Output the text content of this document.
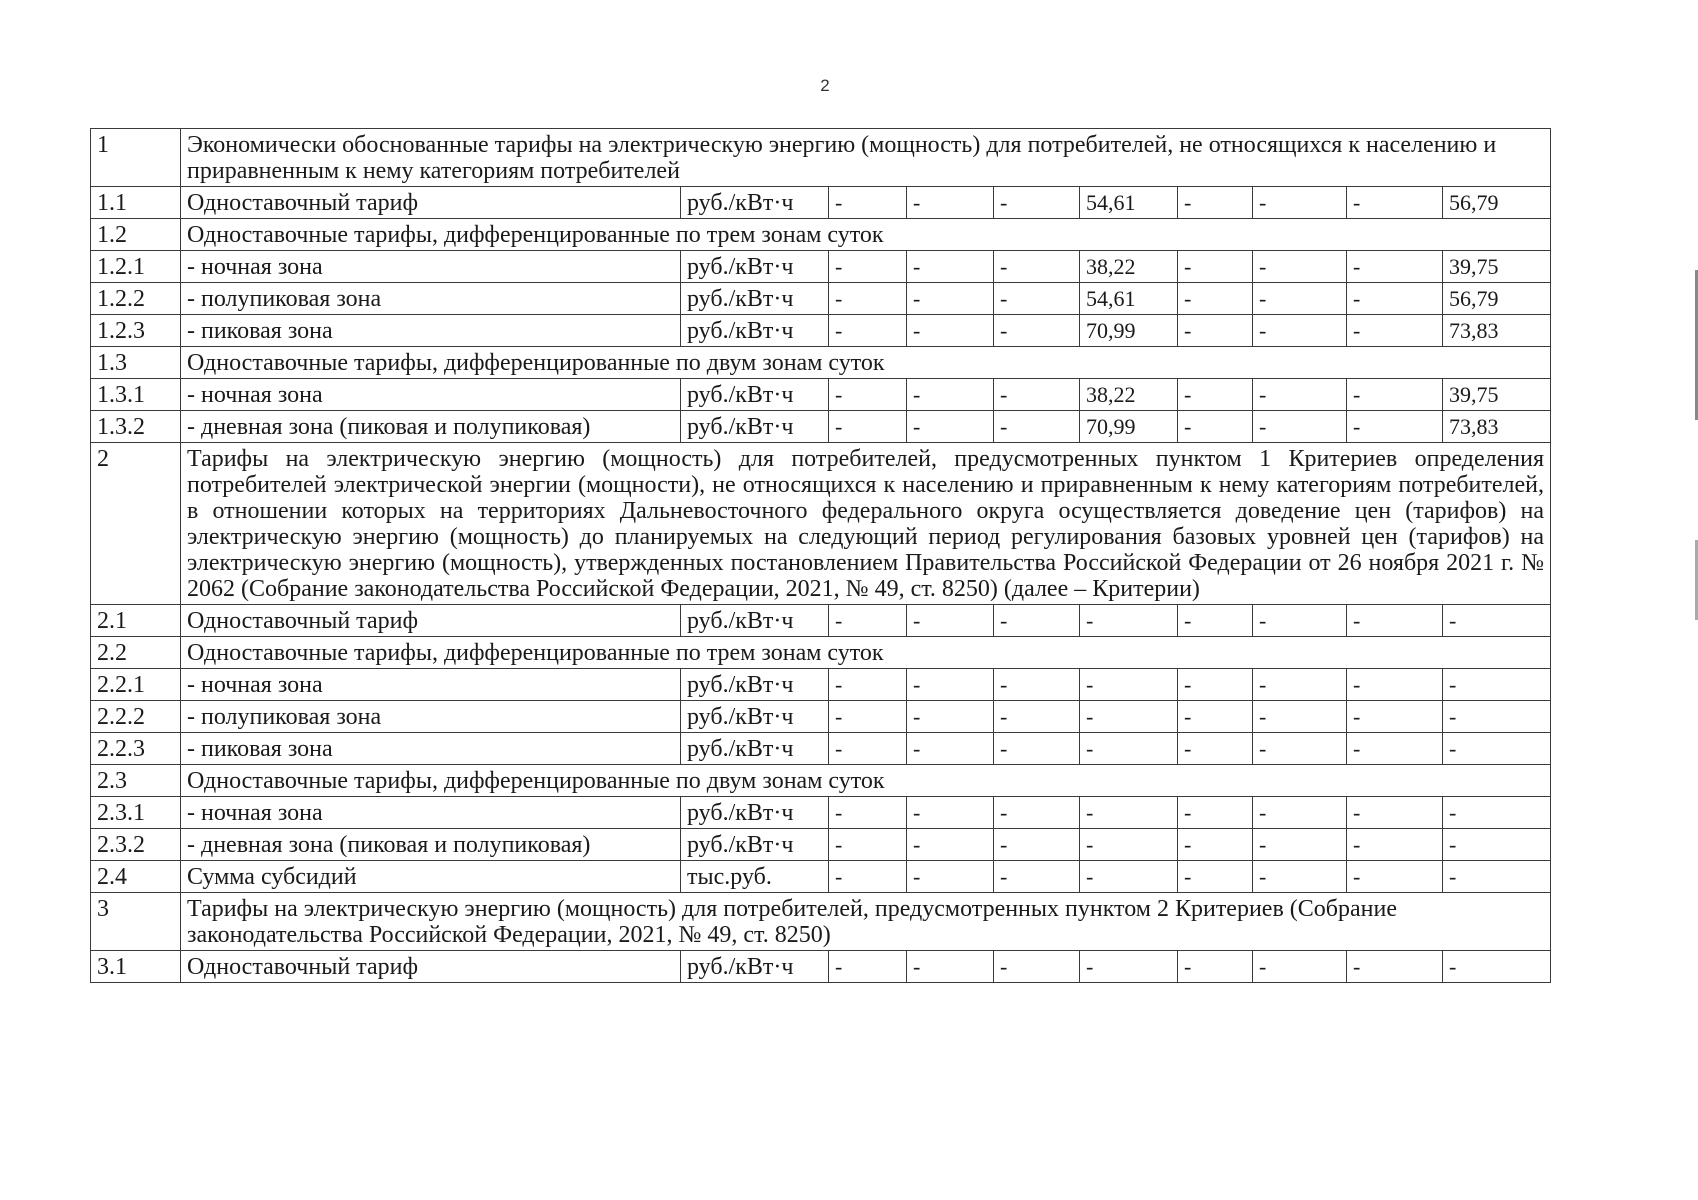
2
1	Экономически обоснованные тарифы на электрическую энергию (мощность) для потребителей, не относящихся к населению и приравненным к нему категориям потребителей									
1.1	Одноставочный тариф	руб./кВт·ч	-	-	-	54,61	-	-	-	56,79
1.2	Одноставочные тарифы, дифференцированные по трем зонам суток									
1.2.1	- ночная зона	руб./кВт·ч	-	-	-	38,22	-	-	-	39,75
1.2.2	- полупиковая зона	руб./кВт·ч	-	-	-	54,61	-	-	-	56,79
1.2.3	- пиковая зона	руб./кВт·ч	-	-	-	70,99	-	-	-	73,83
1.3	Одноставочные тарифы, дифференцированные по двум зонам суток									
1.3.1	- ночная зона	руб./кВт·ч	-	-	-	38,22	-	-	-	39,75
1.3.2	- дневная зона (пиковая и полупиковая)	руб./кВт·ч	-	-	-	70,99	-	-	-	73,83
2	Тарифы на электрическую энергию (мощность) для потребителей, предусмотренных пунктом 1 Критериев определения потребителей электрической энергии (мощности), не относящихся к населению и приравненным к нему категориям потребителей, в отношении которых на территориях Дальневосточного федерального округа осуществляется доведение цен (тарифов) на электрическую энергию (мощность) до планируемых на следующий период регулирования базовых уровней цен (тарифов) на электрическую энергию (мощность), утвержденных постановлением Правительства Российской Федерации от 26 ноября 2021 г. № 2062 (Собрание законодательства Российской Федерации, 2021, № 49, ст. 8250) (далее – Критерии)									
2.1	Одноставочный тариф	руб./кВт·ч	-	-	-	-	-	-	-	-
2.2	Одноставочные тарифы, дифференцированные по трем зонам суток									
2.2.1	- ночная зона	руб./кВт·ч	-	-	-	-	-	-	-	-
2.2.2	- полупиковая зона	руб./кВт·ч	-	-	-	-	-	-	-	-
2.2.3	- пиковая зона	руб./кВт·ч	-	-	-	-	-	-	-	-
2.3	Одноставочные тарифы, дифференцированные по двум зонам суток									
2.3.1	- ночная зона	руб./кВт·ч	-	-	-	-	-	-	-	-
2.3.2	- дневная зона (пиковая и полупиковая)	руб./кВт·ч	-	-	-	-	-	-	-	-
2.4	Сумма субсидий	тыс.руб.	-	-	-	-	-	-	-	-
3	Тарифы на электрическую энергию (мощность) для потребителей, предусмотренных пунктом 2 Критериев (Собрание законодательства Российской Федерации, 2021, № 49, ст. 8250)									
3.1	Одноставочный тариф	руб./кВт·ч	-	-	-	-	-	-	-	-
